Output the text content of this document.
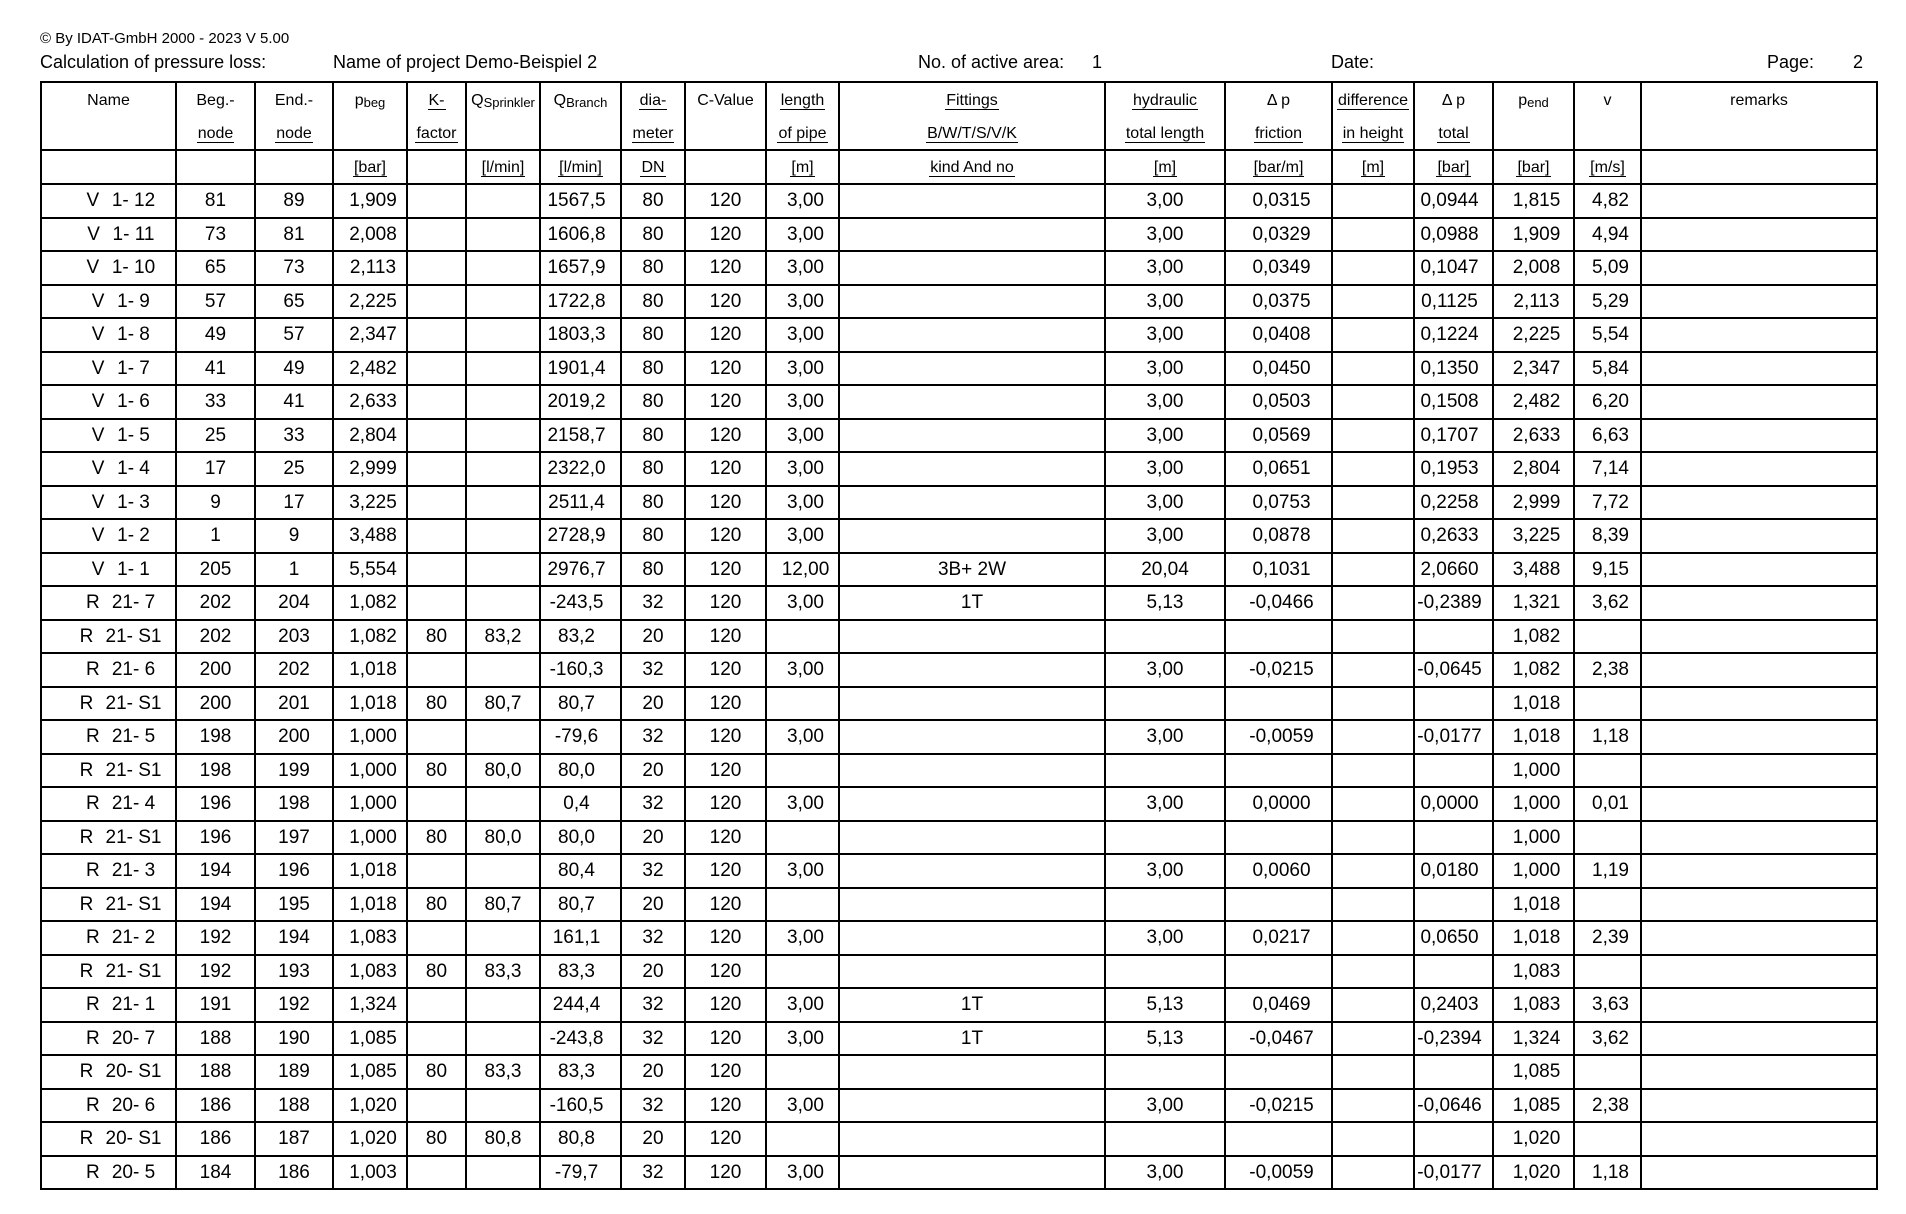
© By IDAT-GmbH 2000 - 2023 V 5.00
Calculation of pressure loss:	Name of project Demo-Beispiel 2	No. of active area: 1	Date:	Page: 2
Name	Beg.-	End.-	$p_{beg}$	K-	$Q_{Sprinkler}$	$Q_{Branch}$	dia-	C-Value	length	Fittings	hydraulic	Δ p	difference	Δ p	$p_{end}$	v	remarks
	node	node		factor			meter		of pipe	B/W/T/S/V/K	total length	friction	in height	total			
			[bar]		[l/min]	[l/min]	DN		[m]	kind And no	[m]	[bar/m]	[m]	[bar]	[bar]	[m/s]	
V 1- 12	81	89	1,909			1567,5	80	120	3,00		3,00	0,0315		0,0944	1,815	4,82	
V 1- 11	73	81	2,008			1606,8	80	120	3,00		3,00	0,0329		0,0988	1,909	4,94	
V 1- 10	65	73	2,113			1657,9	80	120	3,00		3,00	0,0349		0,1047	2,008	5,09	
V 1- 9	57	65	2,225			1722,8	80	120	3,00		3,00	0,0375		0,1125	2,113	5,29	
V 1- 8	49	57	2,347			1803,3	80	120	3,00		3,00	0,0408		0,1224	2,225	5,54	
V 1- 7	41	49	2,482			1901,4	80	120	3,00		3,00	0,0450		0,1350	2,347	5,84	
V 1- 6	33	41	2,633			2019,2	80	120	3,00		3,00	0,0503		0,1508	2,482	6,20	
V 1- 5	25	33	2,804			2158,7	80	120	3,00		3,00	0,0569		0,1707	2,633	6,63	
V 1- 4	17	25	2,999			2322,0	80	120	3,00		3,00	0,0651		0,1953	2,804	7,14	
V 1- 3	9	17	3,225			2511,4	80	120	3,00		3,00	0,0753		0,2258	2,999	7,72	
V 1- 2	1	9	3,488			2728,9	80	120	3,00		3,00	0,0878		0,2633	3,225	8,39	
V 1- 1	205	1	5,554			2976,7	80	120	12,00	3B+ 2W	20,04	0,1031		2,0660	3,488	9,15	
R 21- 7	202	204	1,082			-243,5	32	120	3,00	1T	5,13	-0,0466		-0,2389	1,321	3,62	
R 21- S1	202	203	1,082	80	83,2	83,2	20	120							1,082		
R 21- 6	200	202	1,018			-160,3	32	120	3,00		3,00	-0,0215		-0,0645	1,082	2,38	
R 21- S1	200	201	1,018	80	80,7	80,7	20	120							1,018		
R 21- 5	198	200	1,000			-79,6	32	120	3,00		3,00	-0,0059		-0,0177	1,018	1,18	
R 21- S1	198	199	1,000	80	80,0	80,0	20	120							1,000		
R 21- 4	196	198	1,000			0,4	32	120	3,00		3,00	0,0000		0,0000	1,000	0,01	
R 21- S1	196	197	1,000	80	80,0	80,0	20	120							1,000		
R 21- 3	194	196	1,018			80,4	32	120	3,00		3,00	0,0060		0,0180	1,000	1,19	
R 21- S1	194	195	1,018	80	80,7	80,7	20	120							1,018		
R 21- 2	192	194	1,083			161,1	32	120	3,00		3,00	0,0217		0,0650	1,018	2,39	
R 21- S1	192	193	1,083	80	83,3	83,3	20	120							1,083		
R 21- 1	191	192	1,324			244,4	32	120	3,00	1T	5,13	0,0469		0,2403	1,083	3,63	
R 20- 7	188	190	1,085			-243,8	32	120	3,00	1T	5,13	-0,0467		-0,2394	1,324	3,62	
R 20- S1	188	189	1,085	80	83,3	83,3	20	120							1,085		
R 20- 6	186	188	1,020			-160,5	32	120	3,00		3,00	-0,0215		-0,0646	1,085	2,38	
R 20- S1	186	187	1,020	80	80,8	80,8	20	120							1,020		
R 20- 5	184	186	1,003			-79,7	32	120	3,00		3,00	-0,0059		-0,0177	1,020	1,18	
